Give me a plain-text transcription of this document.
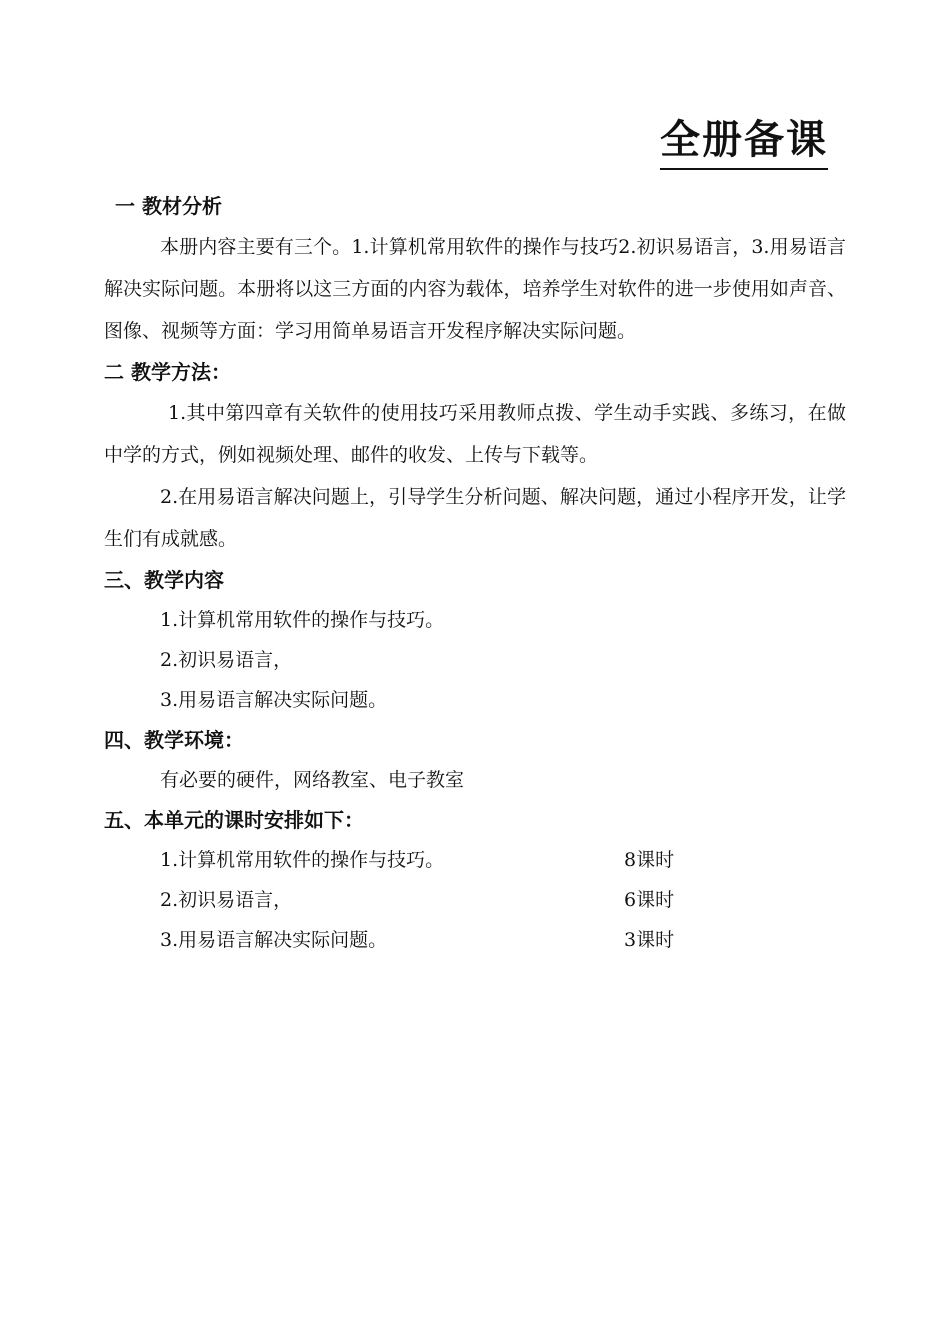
全册备课
一 教材分析
本册内容主要有三个。1.计算机常用软件的操作与技巧2.初识易语言，3.用易语言解决实际问题。本册将以这三方面的内容为载体，培养学生对软件的进一步使用如声音、图像、视频等方面：学习用简单易语言开发程序解决实际问题。
二 教学方法：
1.其中第四章有关软件的使用技巧采用教师点拨、学生动手实践、多练习，在做中学的方式，例如视频处理、邮件的收发、上传与下载等。
2.在用易语言解决问题上，引导学生分析问题、解决问题，通过小程序开发，让学生们有成就感。
三、教学内容
1.计算机常用软件的操作与技巧。
2.初识易语言，
3.用易语言解决实际问题。
四、教学环境：
有必要的硬件，网络教室、电子教室
五、本单元的课时安排如下：
1.计算机常用软件的操作与技巧。	8课时
2.初识易语言，	6课时
3.用易语言解决实际问题。	3课时
